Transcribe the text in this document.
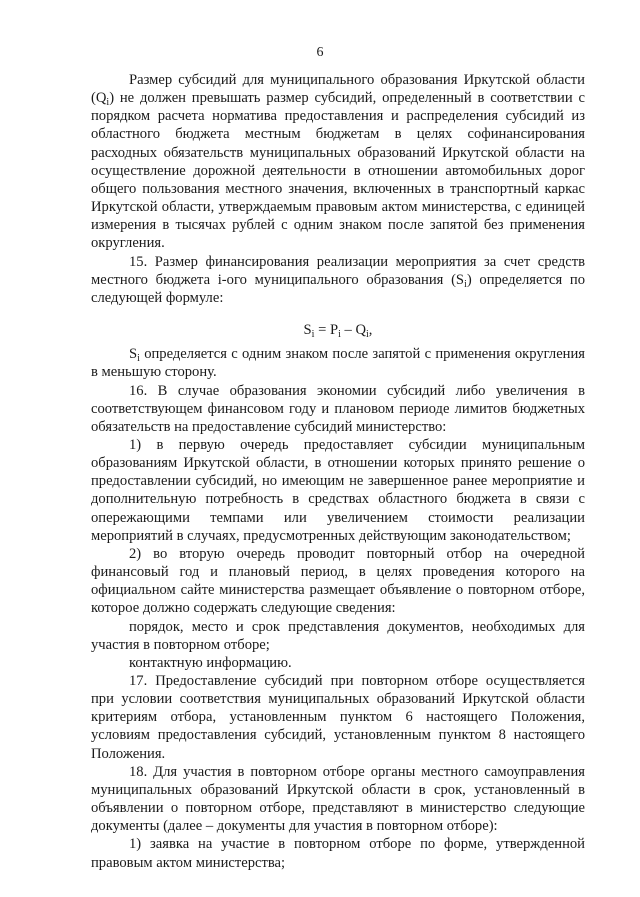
6

Размер субсидий для муниципального образования Иркутской области $(Q_i)$ не должен превышать размер субсидий, определенный в соответствии с порядком расчета норматива предоставления и распределения субсидий из областного бюджета местным бюджетам в целях софинансирования расходных обязательств муниципальных образований Иркутской области на осуществление дорожной деятельности в отношении автомобильных дорог общего пользования местного значения, включенных в транспортный каркас Иркутской области, утверждаемым правовым актом министерства, с единицей измерения в тысячах рублей с одним знаком после запятой без применения округления.

15. Размер финансирования реализации мероприятия за счет средств местного бюджета i-ого муниципального образования $(S_i)$ определяется по следующей формуле:

$S_i = P_i - Q_i$,

$S_i$ определяется с одним знаком после запятой с применения округления в меньшую сторону.

16. В случае образования экономии субсидий либо увеличения в соответствующем финансовом году и плановом периоде лимитов бюджетных обязательств на предоставление субсидий министерство:

1) в первую очередь предоставляет субсидии муниципальным образованиям Иркутской области, в отношении которых принято решение о предоставлении субсидий, но имеющим не завершенное ранее мероприятие и дополнительную потребность в средствах областного бюджета в связи с опережающими темпами или увеличением стоимости реализации мероприятий в случаях, предусмотренных действующим законодательством;

2) во вторую очередь проводит повторный отбор на очередной финансовый год и плановый период, в целях проведения которого на официальном сайте министерства размещает объявление о повторном отборе, которое должно содержать следующие сведения:

порядок, место и срок представления документов, необходимых для участия в повторном отборе;

контактную информацию.

17. Предоставление субсидий при повторном отборе осуществляется при условии соответствия муниципальных образований Иркутской области критериям отбора, установленным пунктом 6 настоящего Положения, условиям предоставления субсидий, установленным пунктом 8 настоящего Положения.

18. Для участия в повторном отборе органы местного самоуправления муниципальных образований Иркутской области в срок, установленный в объявлении о повторном отборе, представляют в министерство следующие документы (далее – документы для участия в повторном отборе):

1) заявка на участие в повторном отборе по форме, утвержденной правовым актом министерства;
